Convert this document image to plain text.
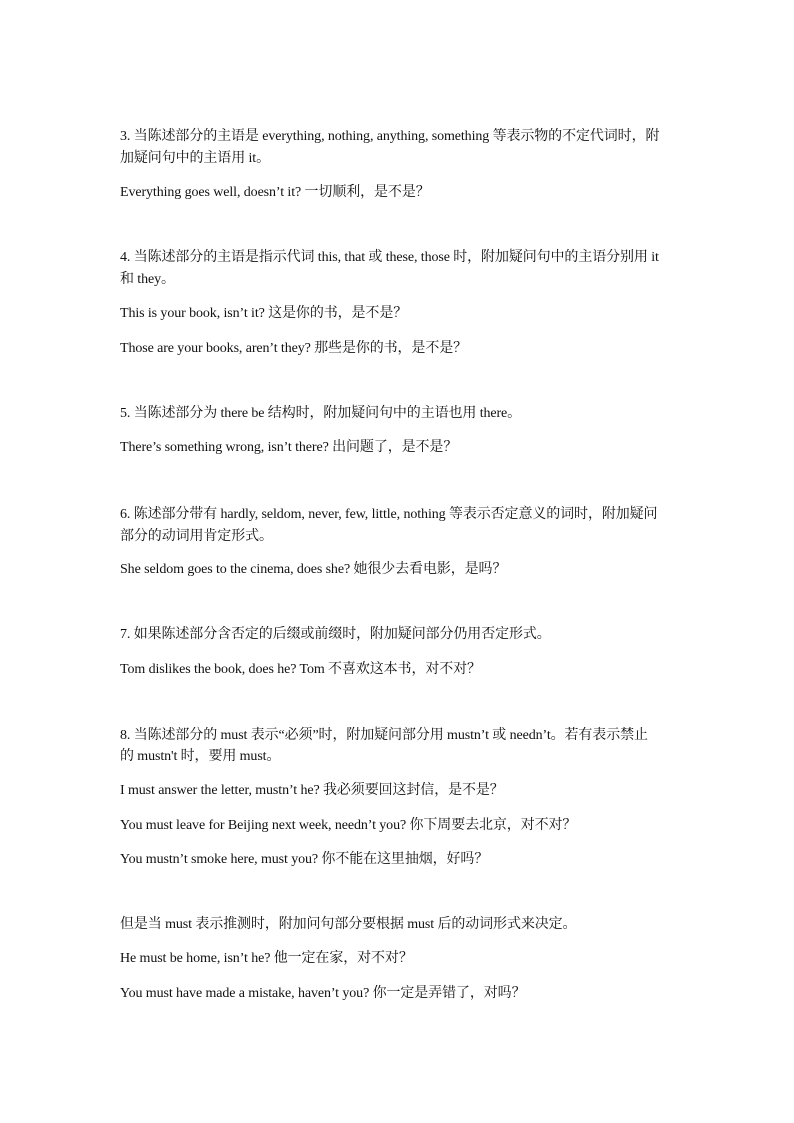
3. 当陈述部分的主语是 everything, nothing, anything, something 等表示物的不定代词时，附
加疑问句中的主语用 it。
Everything goes well, doesn’t it? 一切顺利，是不是？
4. 当陈述部分的主语是指示代词 this, that 或 these, those 时，附加疑问句中的主语分别用 it
和 they。
This is your book, isn’t it? 这是你的书，是不是？
Those are your books, aren’t they? 那些是你的书，是不是？
5. 当陈述部分为 there be 结构时，附加疑问句中的主语也用 there。
There’s something wrong, isn’t there? 出问题了，是不是？
6. 陈述部分带有 hardly, seldom, never, few, little, nothing 等表示否定意义的词时，附加疑问
部分的动词用肯定形式。
She seldom goes to the cinema, does she? 她很少去看电影，是吗？
7. 如果陈述部分含否定的后缀或前缀时，附加疑问部分仍用否定形式。
Tom dislikes the book, does he? Tom 不喜欢这本书，对不对？
8. 当陈述部分的 must 表示“必须”时，附加疑问部分用 mustn’t 或 needn’t。若有表示禁止
的 mustn't 时，要用 must。
I must answer the letter, mustn’t he? 我必须要回这封信，是不是？
You must leave for Beijing next week, needn’t you? 你下周要去北京，对不对？
You mustn’t smoke here, must you? 你不能在这里抽烟，好吗？
但是当 must 表示推测时，附加问句部分要根据 must 后的动词形式来决定。
He must be home, isn’t he? 他一定在家，对不对？
You must have made a mistake, haven’t you? 你一定是弄错了，对吗？
